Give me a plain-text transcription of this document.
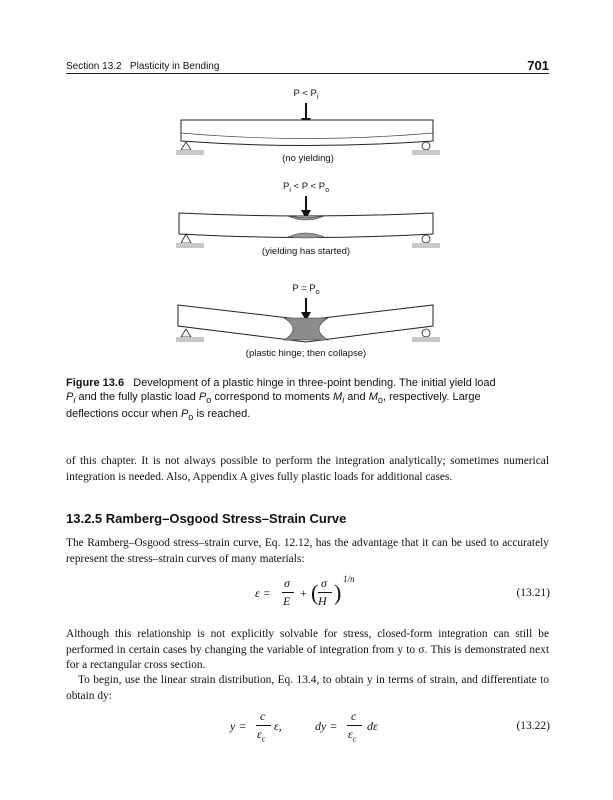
Section 13.2   Plasticity in Bending	701
$P < P_i$
(no yielding)
$P_i < P < P_o$
(yielding has started)
$P = P_o$
(plastic hinge; then collapse)
Figure 13.6 Development of a plastic hinge in three-point bending. The initial yield load
$P_i$ and the fully plastic load $P_o$ correspond to moments $M_i$ and $M_o$, respectively. Large
deflections occur when $P_o$ is reached.
of this chapter. It is not always possible to perform the integration analytically; sometimes numerical integration is needed. Also, Appendix A gives fully plastic loads for additional cases.
13.2.5 Ramberg–Osgood Stress–Strain Curve
The Ramberg–Osgood stress–strain curve, Eq. 12.12, has the advantage that it can be used to accurately represent the stress–strain curves of many materials:
ε =
σ
E
+ ( σ
H )
1/n
(13.21)
Although this relationship is not explicitly solvable for stress, closed-form integration can still be performed in certain cases by changing the variable of integration from y to σ. This is demonstrated next for a rectangular cross section.
To begin, use the linear strain distribution, Eq. 13.4, to obtain y in terms of strain, and differentiate to obtain dy:
y =
c
$\varepsilon_c$
ε,	dy =
c
$\varepsilon_c$
dε	(13.22)
